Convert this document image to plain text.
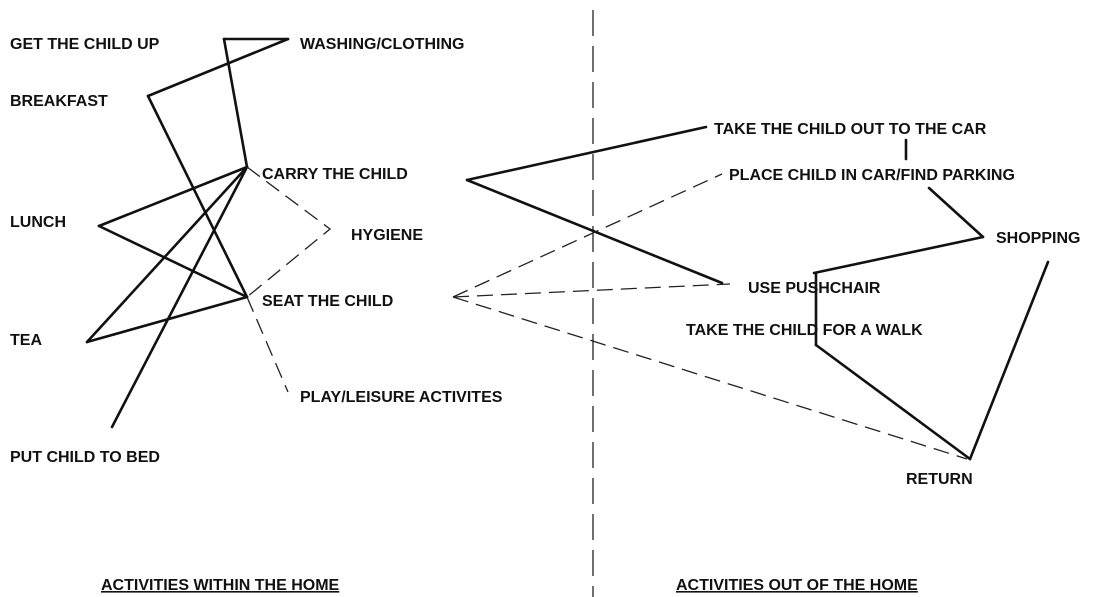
GET THE CHILD UP	WASHING/CLOTHING
BREAKFAST
CARRY THE CHILD
LUNCH
HYGIENE
SEAT THE CHILD
TEA
PLAY/LEISURE ACTIVITES
PUT CHILD TO BED
TAKE THE CHILD OUT TO THE CAR
PLACE CHILD IN CAR/FIND PARKING
SHOPPING
USE PUSHCHAIR
TAKE THE CHILD FOR A WALK
RETURN
ACTIVITIES WITHIN THE HOME	ACTIVITIES OUT OF THE HOME
